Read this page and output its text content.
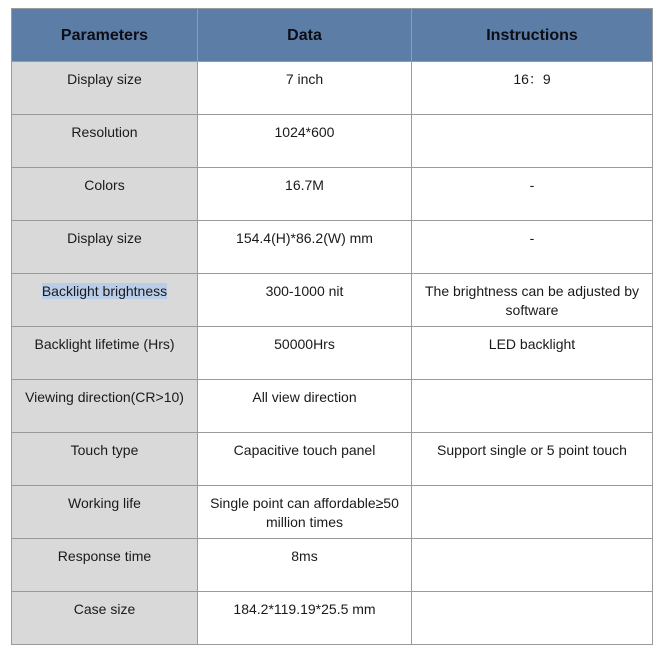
Parameters	Data	Instructions
Display size	7 inch	16：9
Resolution	1024*600	
Colors	16.7M	-
Display size	154.4(H)*86.2(W) mm	-
Backlight brightness	300-1000 nit	The brightness can be adjusted by software
Backlight lifetime (Hrs)	50000Hrs	LED backlight
Viewing direction(CR>10)	All view direction	
Touch type	Capacitive touch panel	Support single or 5 point touch
Working life	Single point can affordable≥50 million times	
Response time	8ms	
Case size	184.2*119.19*25.5 mm	
